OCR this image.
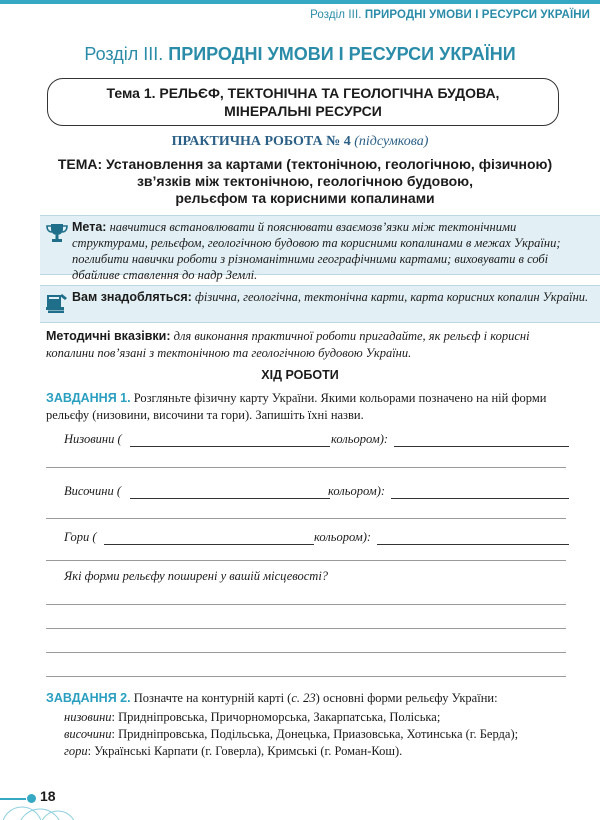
Розділ III. ПРИРОДНІ УМОВИ І РЕСУРСИ УКРАЇНИ
Розділ III. ПРИРОДНІ УМОВИ І РЕСУРСИ УКРАЇНИ
Тема 1. РЕЛЬЄФ, ТЕКТОНІЧНА ТА ГЕОЛОГІЧНА БУДОВА,
МІНЕРАЛЬНІ РЕСУРСИ
ПРАКТИЧНА РОБОТА № 4 (підсумкова)
ТЕМА: Установлення за картами (тектонічною, геологічною, фізичною)
зв’язків між тектонічною, геологічною будовою,
рельєфом та корисними копалинами

Мета: навчитися встановлювати й пояснювати взаємозв’язки між тектонічними структурами, рельєфом, геологічною будовою та корисними копалинами в межах України; поглибити навички роботи з різноманітними географічними картами; виховувати в собі дбайливе ставлення до надр Землі.

Вам знадобляться: фізична, геологічна, тектонічна карти, карта корисних копалин України.

Методичні вказівки: для виконання практичної роботи пригадайте, як рельєф і корисні копалини пов’язані з тектонічною та геологічною будовою України.
ХІД РОБОТИ
ЗАВДАННЯ 1. Розгляньте фізичну карту України. Якими кольорами позначено на ній форми рельєфу (низовини, височини та гори). Запишіть їхні назви.
Низовини (	кольором):
Височини (	кольором):
Гори (	кольором):
Які форми рельєфу поширені у вашій місцевості?
ЗАВДАННЯ 2. Позначте на контурній карті (с. 23) основні форми рельєфу України:
низовини: Придніпровська, Причорноморська, Закарпатська, Поліська;
височини: Придніпровська, Подільська, Донецька, Приазовська, Хотинська (г. Берда);
гори: Українські Карпати (г. Говерла), Кримські (г. Роман-Кош).
18
